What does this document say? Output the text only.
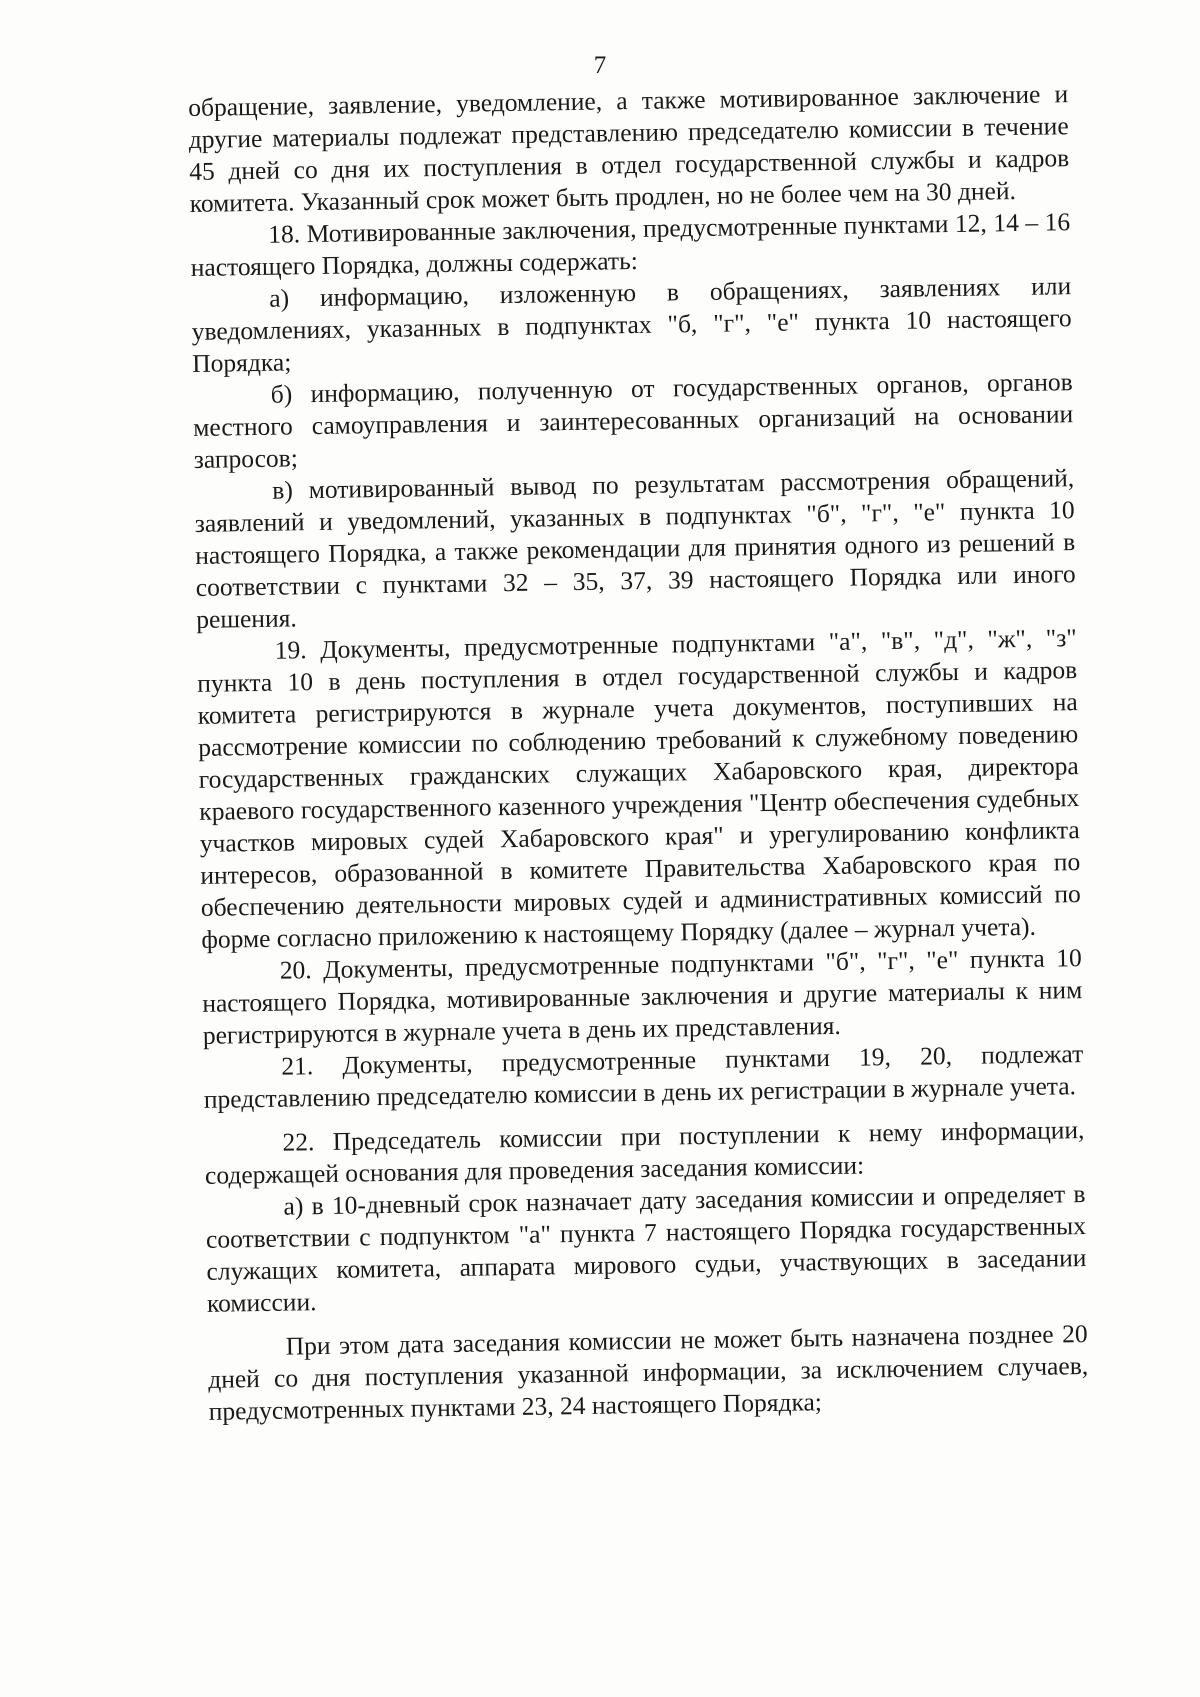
7

обращение, заявление, уведомление, а также мотивированное заключение и другие материалы подлежат представлению председателю комиссии в течение 45 дней со дня их поступления в отдел государственной службы и кадров комитета. Указанный срок может быть продлен, но не более чем на 30 дней.

18. Мотивированные заключения, предусмотренные пунктами 12, 14 – 16 настоящего Порядка, должны содержать:

а) информацию, изложенную в обращениях, заявлениях или уведомлениях, указанных в подпунктах "б, "г", "е" пункта 10 настоящего Порядка;

б) информацию, полученную от государственных органов, органов местного самоуправления и заинтересованных организаций на основании запросов;

в) мотивированный вывод по результатам рассмотрения обращений, заявлений и уведомлений, указанных в подпунктах "б", "г", "е" пункта 10 настоящего Порядка, а также рекомендации для принятия одного из решений в соответствии с пунктами 32 – 35, 37, 39 настоящего Порядка или иного решения.

19. Документы, предусмотренные подпунктами "а", "в", "д", "ж", "з" пункта 10 в день поступления в отдел государственной службы и кадров комитета регистрируются в журнале учета документов, поступивших на рассмотрение комиссии по соблюдению требований к служебному поведению государственных гражданских служащих Хабаровского края, директора краевого государственного казенного учреждения "Центр обеспечения судебных участков мировых судей Хабаровского края" и урегулированию конфликта интересов, образованной в комитете Правительства Хабаровского края по обеспечению деятельности мировых судей и административных комиссий по форме согласно приложению к настоящему Порядку (далее – журнал учета).

20. Документы, предусмотренные подпунктами "б", "г", "е" пункта 10 настоящего Порядка, мотивированные заключения и другие материалы к ним регистрируются в журнале учета в день их представления.

21. Документы, предусмотренные пунктами 19, 20, подлежат представлению председателю комиссии в день их регистрации в журнале учета.

22. Председатель комиссии при поступлении к нему информации, содержащей основания для проведения заседания комиссии:

а) в 10-дневный срок назначает дату заседания комиссии и определяет в соответствии с подпунктом "а" пункта 7 настоящего Порядка государственных служащих комитета, аппарата мирового судьи, участвующих в заседании комиссии.

При этом дата заседания комиссии не может быть назначена позднее 20 дней со дня поступления указанной информации, за исключением случаев, предусмотренных пунктами 23, 24 настоящего Порядка;
